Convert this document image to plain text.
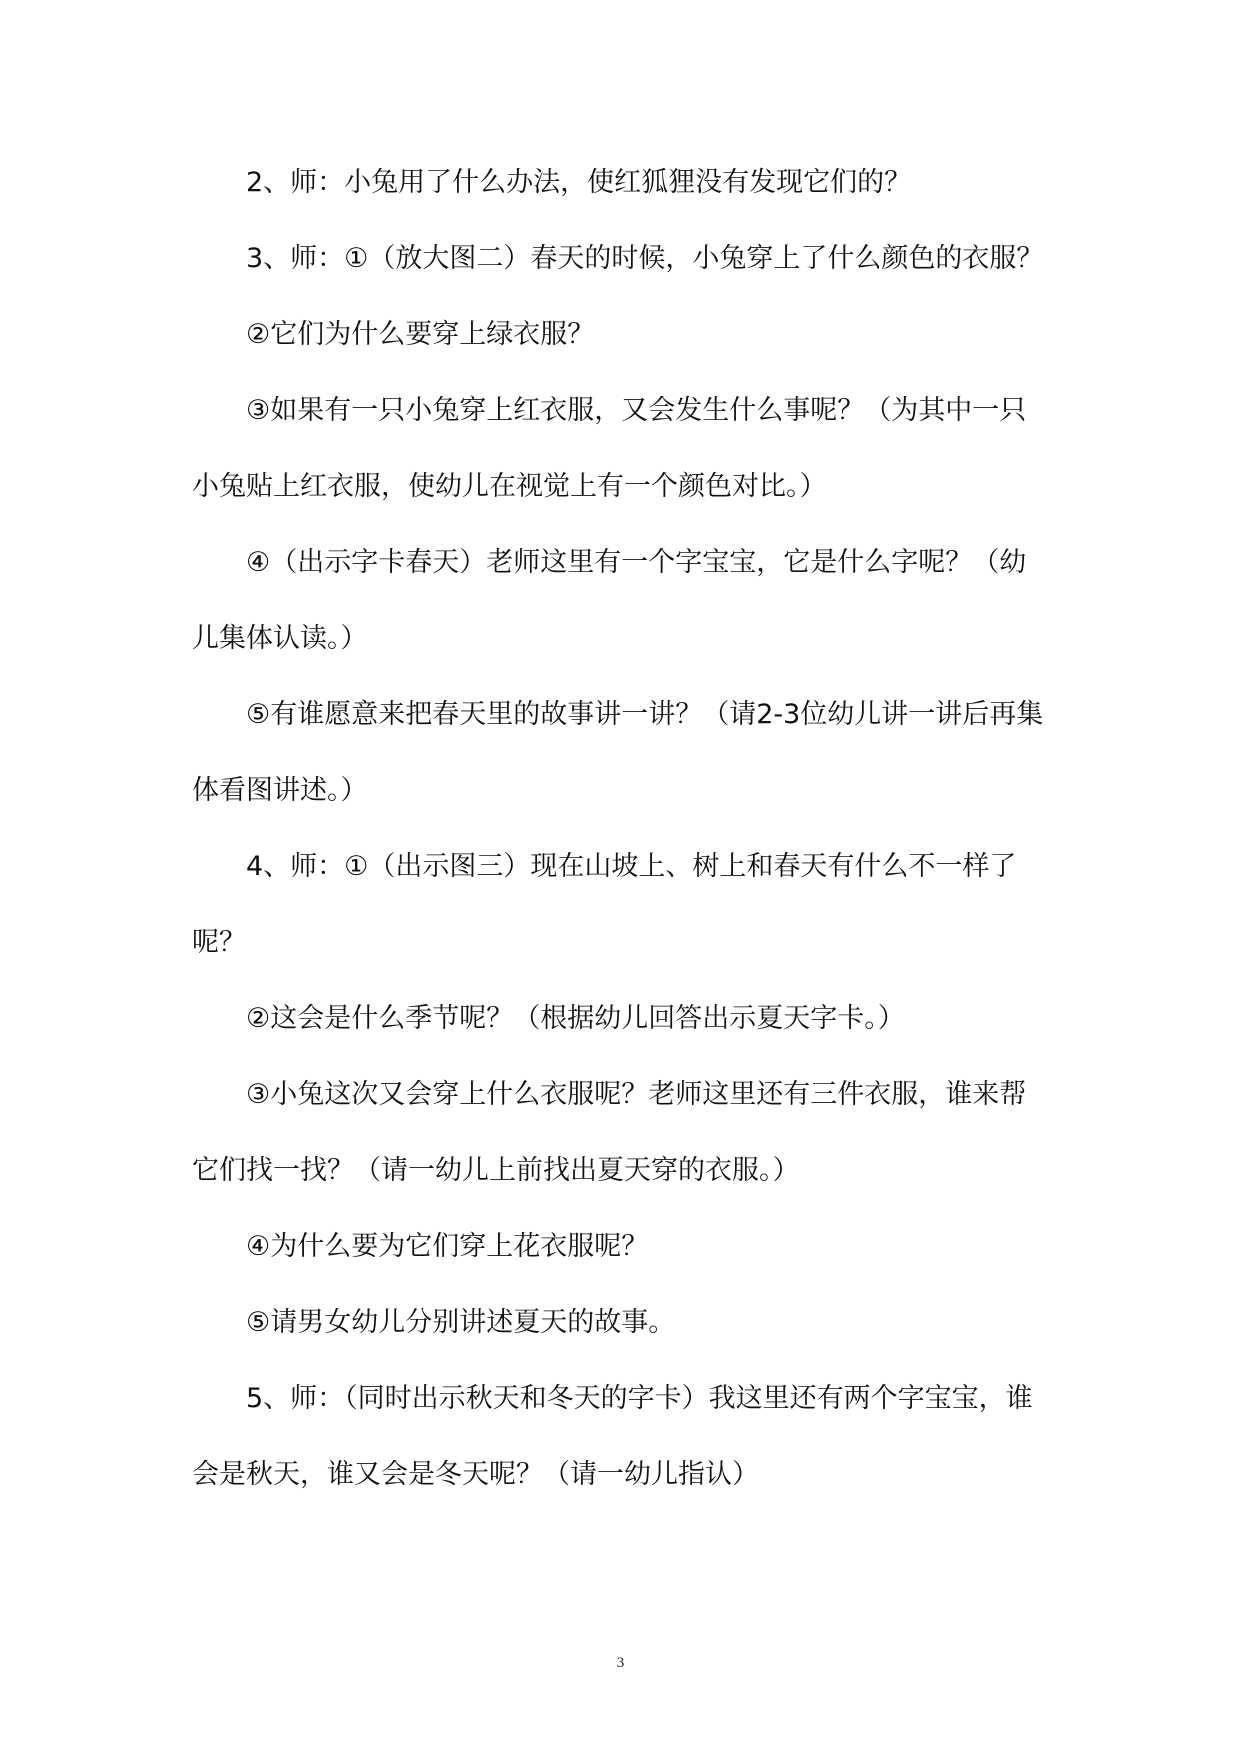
2、师：小兔用了什么办法，使红狐狸没有发现它们的？

3、师：①（放大图二）春天的时候，小兔穿上了什么颜色的衣服？

②它们为什么要穿上绿衣服？

③如果有一只小兔穿上红衣服，又会发生什么事呢？（为其中一只小兔贴上红衣服，使幼儿在视觉上有一个颜色对比。）

④（出示字卡春天）老师这里有一个字宝宝，它是什么字呢？（幼儿集体认读。）

⑤有谁愿意来把春天里的故事讲一讲？（请2-3位幼儿讲一讲后再集体看图讲述。）

4、师：①（出示图三）现在山坡上、树上和春天有什么不一样了呢？

②这会是什么季节呢？（根据幼儿回答出示夏天字卡。）

③小兔这次又会穿上什么衣服呢？老师这里还有三件衣服，谁来帮它们找一找？（请一幼儿上前找出夏天穿的衣服。）

④为什么要为它们穿上花衣服呢？

⑤请男女幼儿分别讲述夏天的故事。

5、师：（同时出示秋天和冬天的字卡）我这里还有两个字宝宝，谁会是秋天，谁又会是冬天呢？（请一幼儿指认）

3
